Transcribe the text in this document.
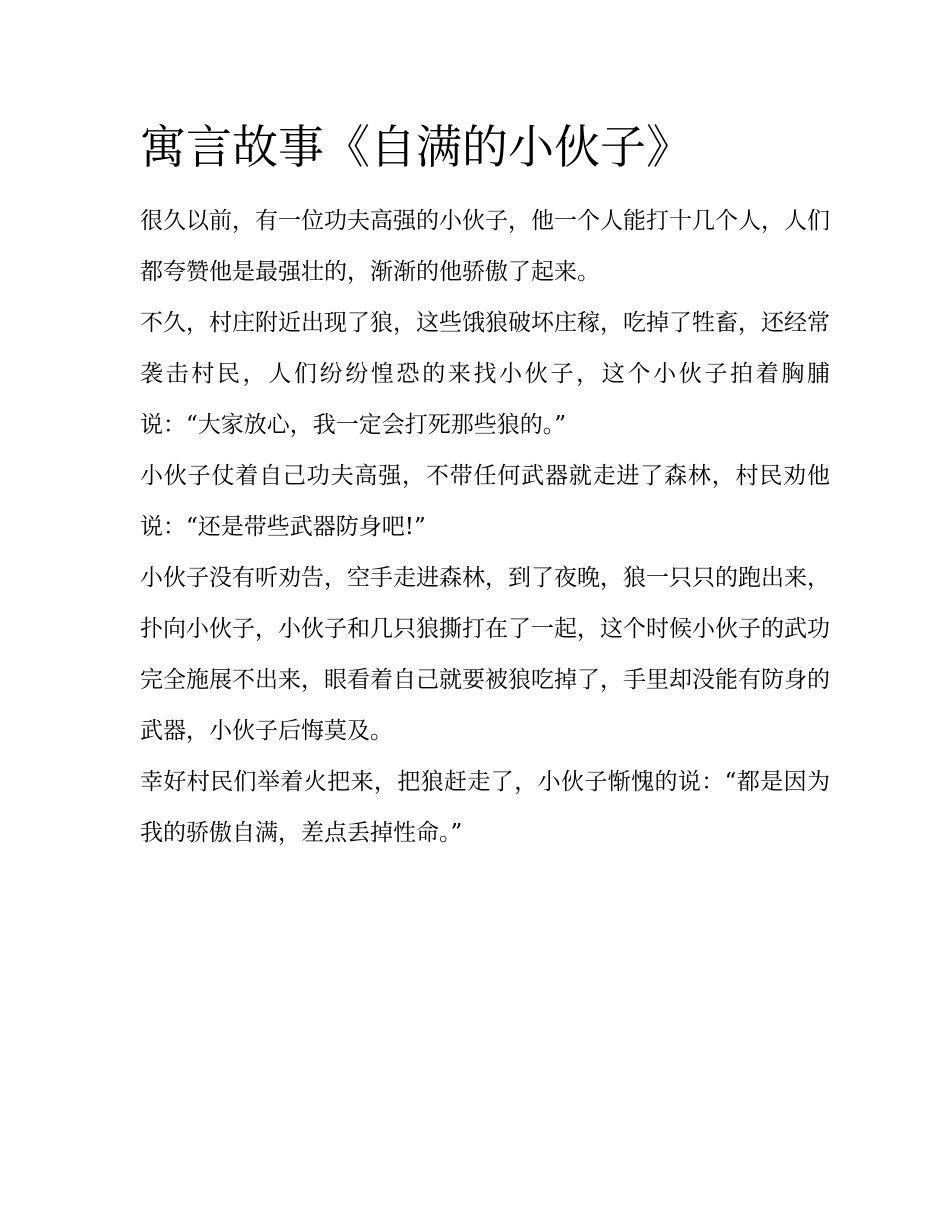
寓言故事《自满的小伙子》

很久以前，有一位功夫高强的小伙子，他一个人能打十几个人，人们都夸赞他是最强壮的，渐渐的他骄傲了起来。

不久，村庄附近出现了狼，这些饿狼破坏庄稼，吃掉了牲畜，还经常袭击村民，人们纷纷惶恐的来找小伙子，这个小伙子拍着胸脯说：“大家放心，我一定会打死那些狼的。”

小伙子仗着自己功夫高强，不带任何武器就走进了森林，村民劝他说：“还是带些武器防身吧!”

小伙子没有听劝告，空手走进森林，到了夜晚，狼一只只的跑出来，扑向小伙子，小伙子和几只狼撕打在了一起，这个时候小伙子的武功完全施展不出来，眼看着自己就要被狼吃掉了，手里却没能有防身的武器，小伙子后悔莫及。

幸好村民们举着火把来，把狼赶走了，小伙子惭愧的说：“都是因为我的骄傲自满，差点丢掉性命。”
